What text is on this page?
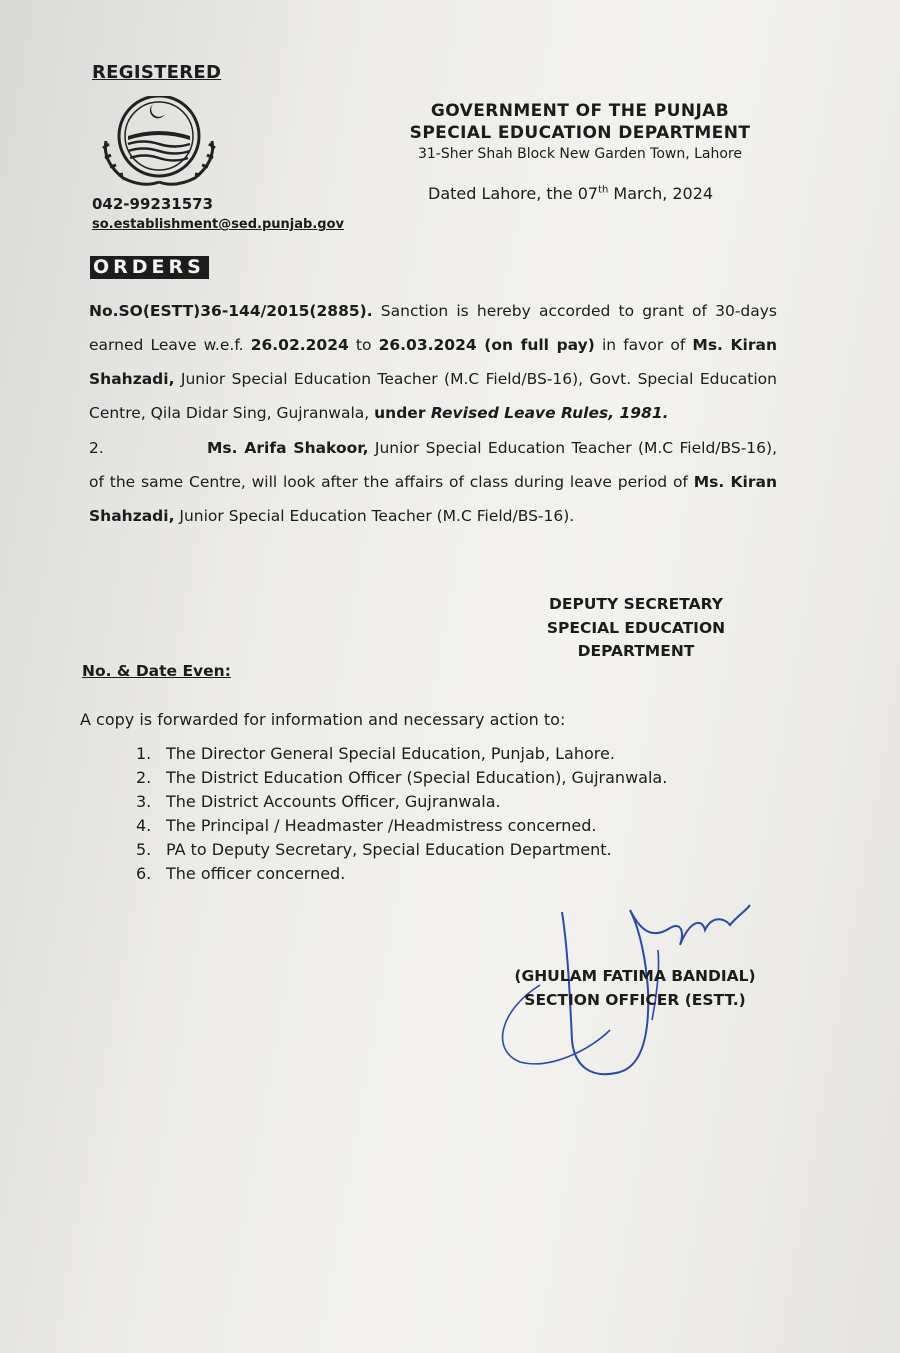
REGISTERED
GOVERNMENT OF THE PUNJAB
SPECIAL EDUCATION DEPARTMENT
31-Sher Shah Block New Garden Town, Lahore
Dated Lahore, the 07th March, 2024
042-99231573
so.establishment@sed.punjab.gov
ORDERS
No.SO(ESTT)36-144/2015(2885). Sanction is hereby accorded to grant of 30-days earned Leave w.e.f. 26.02.2024 to 26.03.2024 (on full pay) in favor of Ms. Kiran Shahzadi, Junior Special Education Teacher (M.C Field/BS-16), Govt. Special Education Centre, Qila Didar Sing, Gujranwala, under Revised Leave Rules, 1981.
2.	Ms. Arifa Shakoor, Junior Special Education Teacher (M.C Field/BS-16), of the same Centre, will look after the affairs of class during leave period of Ms. Kiran Shahzadi, Junior Special Education Teacher (M.C Field/BS-16).
DEPUTY SECRETARY
SPECIAL EDUCATION
DEPARTMENT
No. & Date Even:
A copy is forwarded for information and necessary action to:
1. The Director General Special Education, Punjab, Lahore.
2. The District Education Officer (Special Education), Gujranwala.
3. The District Accounts Officer, Gujranwala.
4. The Principal / Headmaster /Headmistress concerned.
5. PA to Deputy Secretary, Special Education Department.
6. The officer concerned.
(GHULAM FATIMA BANDIAL)
SECTION OFFICER (ESTT.)
